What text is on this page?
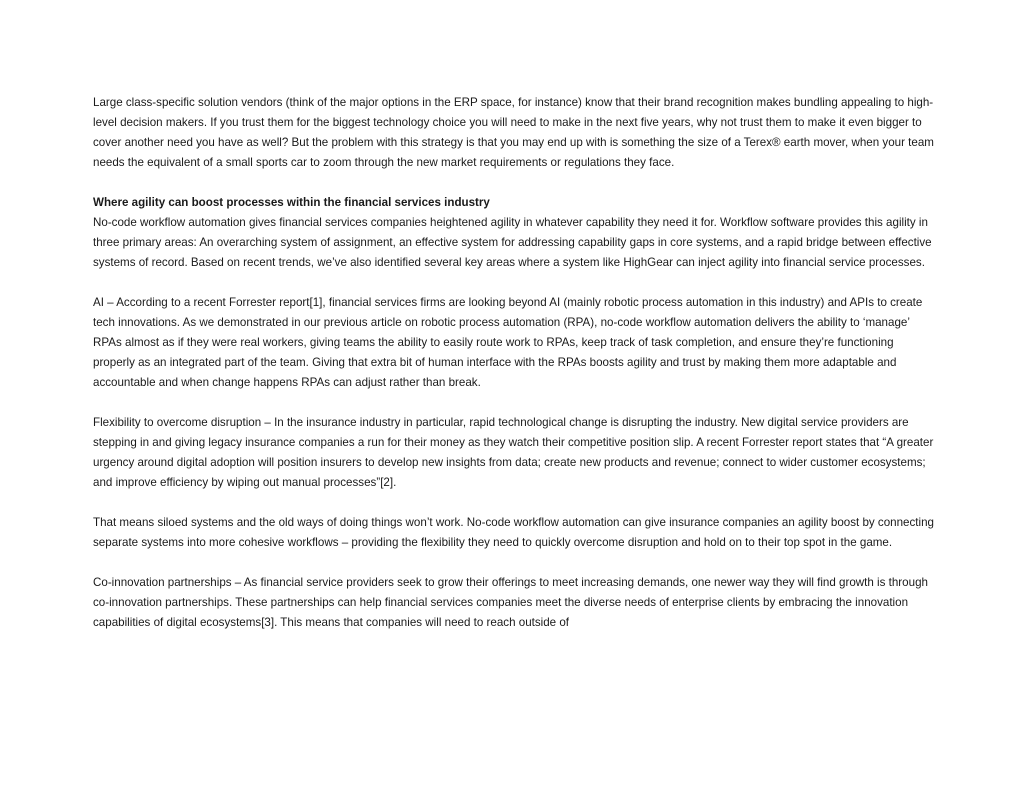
Large class-specific solution vendors (think of the major options in the ERP space, for instance) know that their brand recognition makes bundling appealing to high-level decision makers. If you trust them for the biggest technology choice you will need to make in the next five years, why not trust them to make it even bigger to cover another need you have as well? But the problem with this strategy is that you may end up with is something the size of a Terex® earth mover, when your team needs the equivalent of a small sports car to zoom through the new market requirements or regulations they face.
Where agility can boost processes within the financial services industry
No-code workflow automation gives financial services companies heightened agility in whatever capability they need it for. Workflow software provides this agility in three primary areas: An overarching system of assignment, an effective system for addressing capability gaps in core systems, and a rapid bridge between effective systems of record. Based on recent trends, we’ve also identified several key areas where a system like HighGear can inject agility into financial service processes.
AI – According to a recent Forrester report[1], financial services firms are looking beyond AI (mainly robotic process automation in this industry) and APIs to create tech innovations. As we demonstrated in our previous article on robotic process automation (RPA), no-code workflow automation delivers the ability to ‘manage’ RPAs almost as if they were real workers, giving teams the ability to easily route work to RPAs, keep track of task completion, and ensure they’re functioning properly as an integrated part of the team. Giving that extra bit of human interface with the RPAs boosts agility and trust by making them more adaptable and accountable and when change happens RPAs can adjust rather than break.
Flexibility to overcome disruption – In the insurance industry in particular, rapid technological change is disrupting the industry. New digital service providers are stepping in and giving legacy insurance companies a run for their money as they watch their competitive position slip. A recent Forrester report states that “A greater urgency around digital adoption will position insurers to develop new insights from data; create new products and revenue; connect to wider customer ecosystems; and improve efficiency by wiping out manual processes”[2].
That means siloed systems and the old ways of doing things won’t work. No-code workflow automation can give insurance companies an agility boost by connecting separate systems into more cohesive workflows – providing the flexibility they need to quickly overcome disruption and hold on to their top spot in the game.
Co-innovation partnerships – As financial service providers seek to grow their offerings to meet increasing demands, one newer way they will find growth is through co-innovation partnerships. These partnerships can help financial services companies meet the diverse needs of enterprise clients by embracing the innovation capabilities of digital ecosystems[3]. This means that companies will need to reach outside of
